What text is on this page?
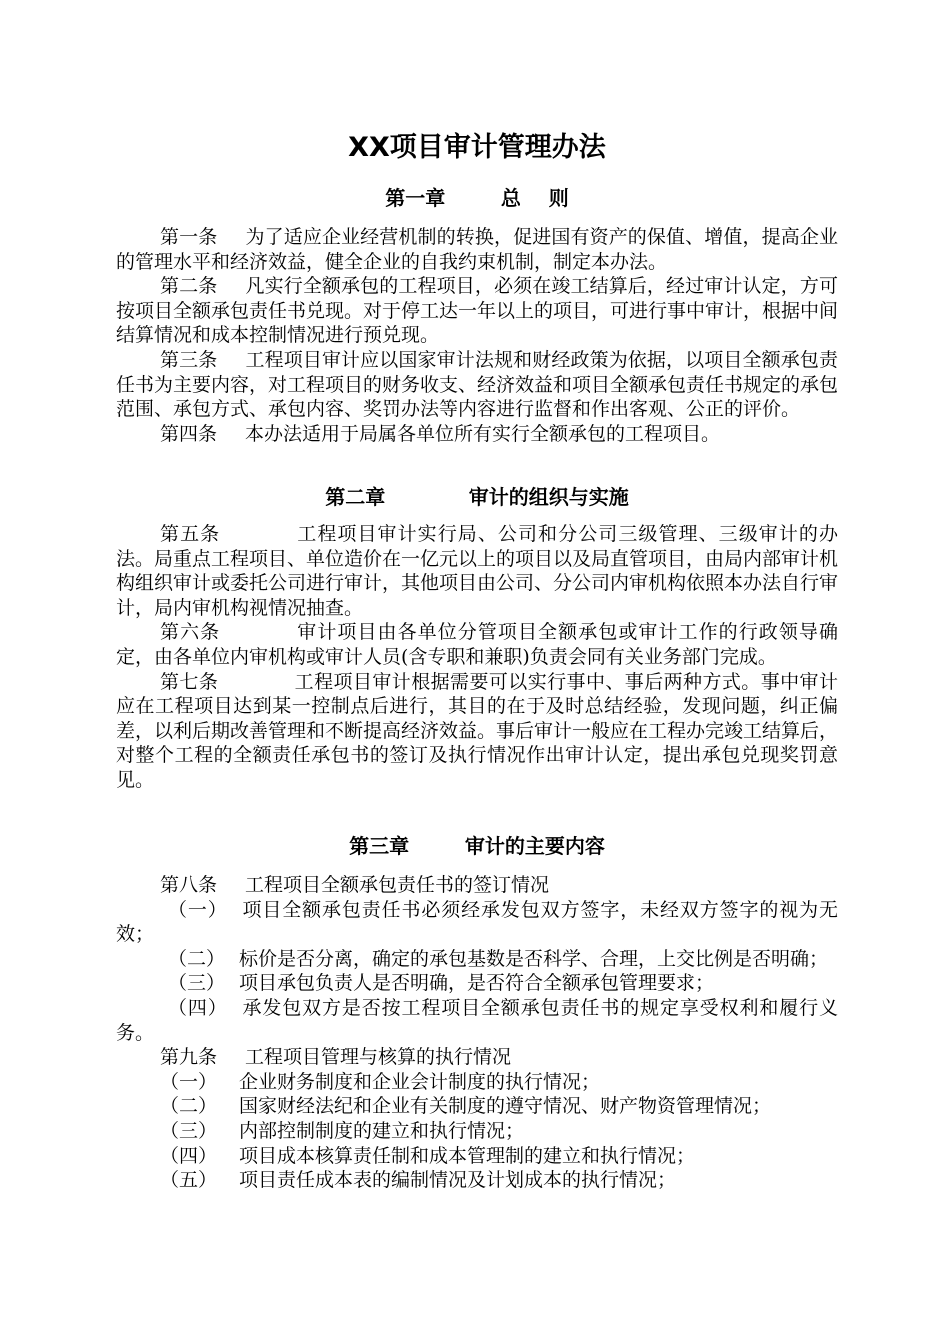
XX项目审计管理办法
第一章        总    则

第一条 为了适应企业经营机制的转换，促进国有资产的保值、增值，提高企业的管理水平和经济效益，健全企业的自我约束机制，制定本办法。

第二条 凡实行全额承包的工程项目，必须在竣工结算后，经过审计认定，方可按项目全额承包责任书兑现。对于停工达一年以上的项目，可进行事中审计，根据中间结算情况和成本控制情况进行预兑现。

第三条 工程项目审计应以国家审计法规和财经政策为依据，以项目全额承包责任书为主要内容，对工程项目的财务收支、经济效益和项目全额承包责任书规定的承包范围、承包方式、承包内容、奖罚办法等内容进行监督和作出客观、公正的评价。

第四条 本办法适用于局属各单位所有实行全额承包的工程项目。

第二章            审计的组织与实施

第五条	工程项目审计实行局、公司和分公司三级管理、三级审计的办法。局重点工程项目、单位造价在一亿元以上的项目以及局直管项目，由局内部审计机构组织审计或委托公司进行审计，其他项目由公司、分公司内审机构依照本办法自行审计，局内审机构视情况抽查。

第六条	审计项目由各单位分管项目全额承包或审计工作的行政领导确定，由各单位内审机构或审计人员(含专职和兼职)负责会同有关业务部门完成。

第七条	工程项目审计根据需要可以实行事中、事后两种方式。事中审计应在工程项目达到某一控制点后进行，其目的在于及时总结经验，发现问题，纠正偏差，以利后期改善管理和不断提高经济效益。事后审计一般应在工程办完竣工结算后，对整个工程的全额责任承包书的签订及执行情况作出审计认定，提出承包兑现奖罚意见。

第三章        审计的主要内容

第八条 工程项目全额承包责任书的签订情况

（一） 项目全额承包责任书必须经承发包双方签字，未经双方签字的视为无效；

（二） 标价是否分离，确定的承包基数是否科学、合理，上交比例是否明确；

（三） 项目承包负责人是否明确，是否符合全额承包管理要求；

（四） 承发包双方是否按工程项目全额承包责任书的规定享受权利和履行义务。

第九条 工程项目管理与核算的执行情况

（一） 企业财务制度和企业会计制度的执行情况；

（二） 国家财经法纪和企业有关制度的遵守情况、财产物资管理情况；

（三） 内部控制制度的建立和执行情况；

（四） 项目成本核算责任制和成本管理制的建立和执行情况；

（五） 项目责任成本表的编制情况及计划成本的执行情况；
